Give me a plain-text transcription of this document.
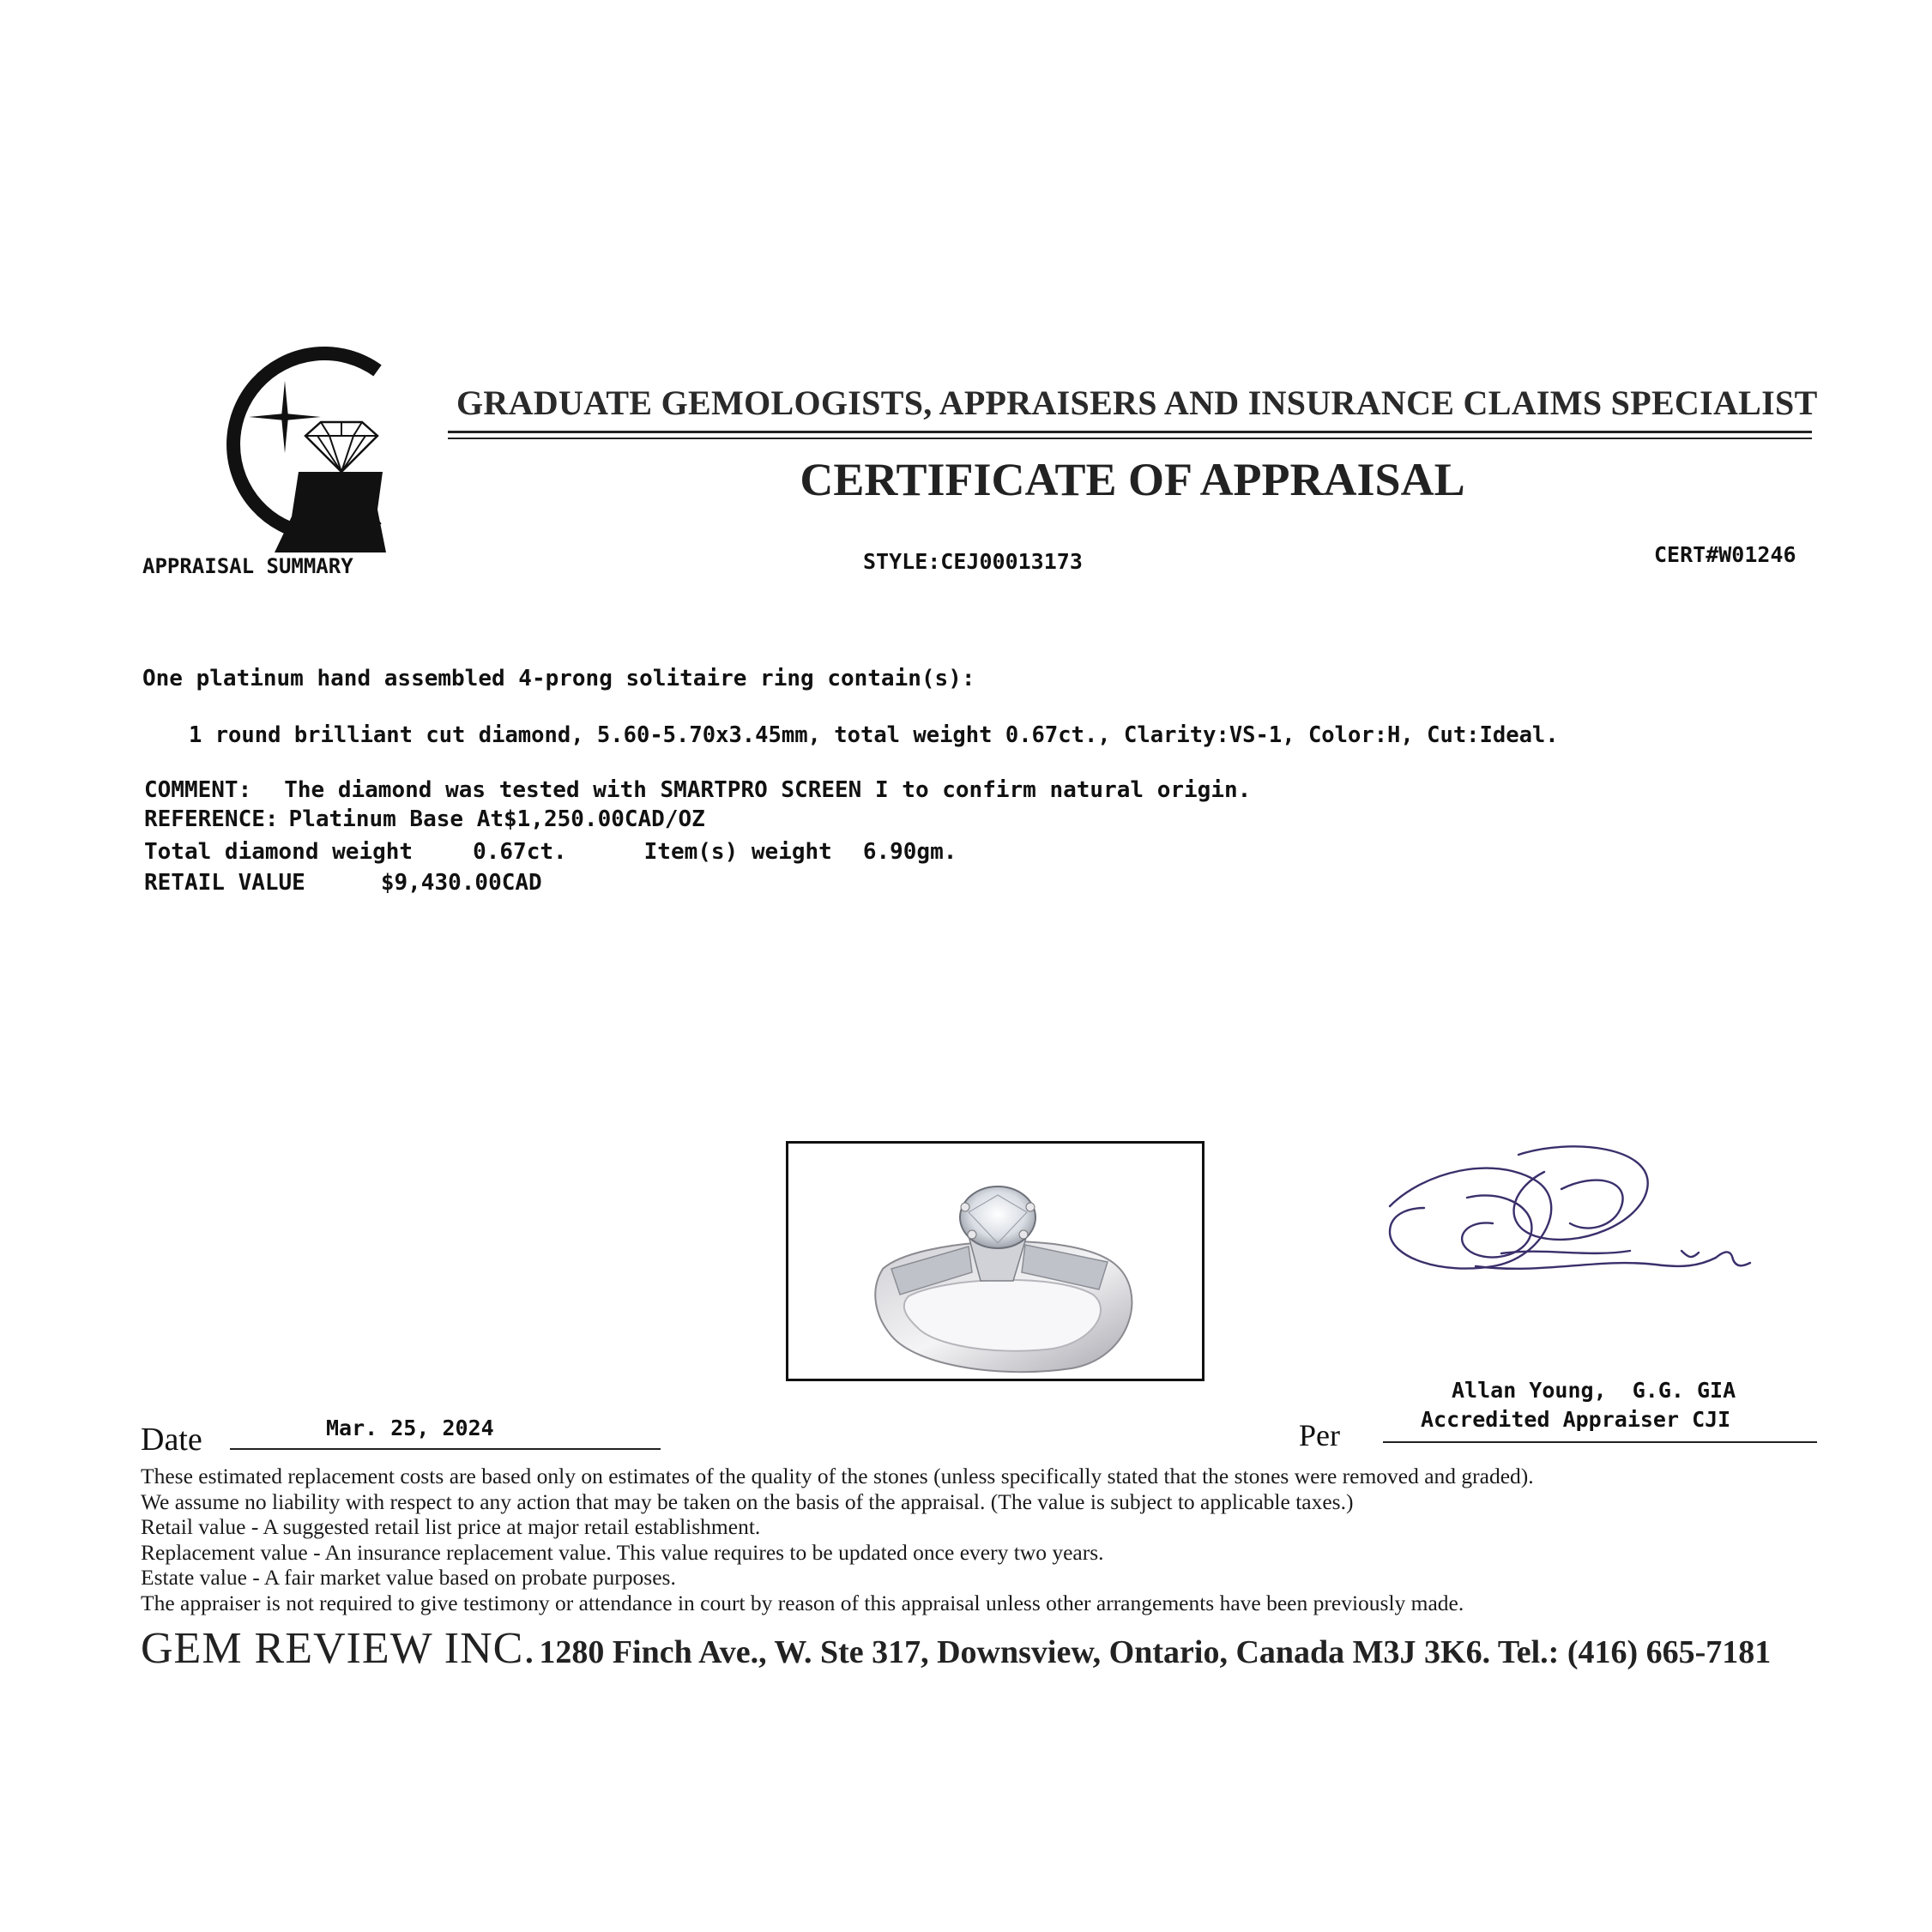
GRADUATE GEMOLOGISTS, APPRAISERS AND INSURANCE CLAIMS SPECIALIST
CERTIFICATE OF APPRAISAL
APPRAISAL SUMMARY	STYLE:CEJ00013173	CERT#W01246
One platinum hand assembled 4-prong solitaire ring contain(s):
1 round brilliant cut diamond, 5.60-5.70x3.45mm, total weight 0.67ct., Clarity:VS-1, Color:H, Cut:Ideal.
COMMENT: The diamond was tested with SMARTPRO SCREEN I to confirm natural origin.
REFERENCE: Platinum Base At$1,250.00CAD/OZ
Total diamond weight	0.67ct.	Item(s) weight 6.90gm.
RETAIL VALUE	$9,430.00CAD
Allan Young,  G.G. GIA
Accredited Appraiser CJI
Date	Mar. 25, 2024	Per
These estimated replacement costs are based only on estimates of the quality of the stones (unless specifically stated that the stones were removed and graded).
We assume no liability with respect to any action that may be taken on the basis of the appraisal. (The value is subject to applicable taxes.)
Retail value - A suggested retail list price at major retail establishment.
Replacement value - An insurance replacement value. This value requires to be updated once every two years.
Estate value - A fair market value based on probate purposes.
The appraiser is not required to give testimony or attendance in court by reason of this appraisal unless other arrangements have been previously made.
GEM REVIEW INC. 1280 Finch Ave., W. Ste 317, Downsview, Ontario, Canada M3J 3K6. Tel.: (416) 665-7181
